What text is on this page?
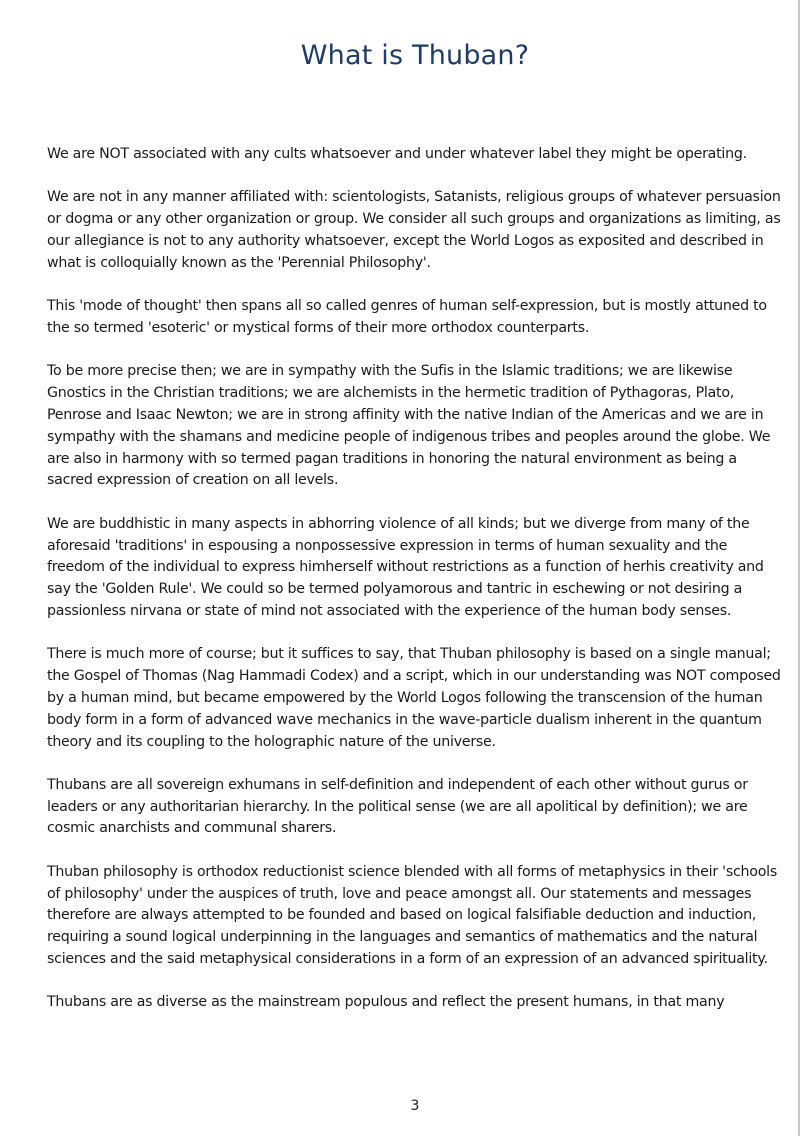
What is Thuban?

We are NOT associated with any cults whatsoever and under whatever label they might be operating.

We are not in any manner affiliated with: scientologists, Satanists, religious groups of whatever persuasion or dogma or any other organization or group. We consider all such groups and organizations as limiting, as our allegiance is not to any authority whatsoever, except the World Logos as exposited and described in what is colloquially known as the 'Perennial Philosophy'.

This 'mode of thought' then spans all so called genres of human self-expression, but is mostly attuned to the so termed 'esoteric' or mystical forms of their more orthodox counterparts.

To be more precise then; we are in sympathy with the Sufis in the Islamic traditions; we are likewise Gnostics in the Christian traditions; we are alchemists in the hermetic tradition of Pythagoras, Plato, Penrose and Isaac Newton; we are in strong affinity with the native Indian of the Americas and we are in sympathy with the shamans and medicine people of indigenous tribes and peoples around the globe. We are also in harmony with so termed pagan traditions in honoring the natural environment as being a sacred expression of creation on all levels.

We are buddhistic in many aspects in abhorring violence of all kinds; but we diverge from many of the aforesaid 'traditions' in espousing a nonpossessive expression in terms of human sexuality and the freedom of the individual to express himherself without restrictions as a function of herhis creativity and say the 'Golden Rule'. We could so be termed polyamorous and tantric in eschewing or not desiring a passionless nirvana or state of mind not associated with the experience of the human body senses.

There is much more of course; but it suffices to say, that Thuban philosophy is based on a single manual; the Gospel of Thomas (Nag Hammadi Codex) and a script, which in our understanding was NOT composed by a human mind, but became empowered by the World Logos following the transcension of the human body form in a form of advanced wave mechanics in the wave-particle dualism inherent in the quantum theory and its coupling to the holographic nature of the universe.

Thubans are all sovereign exhumans in self-definition and independent of each other without gurus or leaders or any authoritarian hierarchy. In the political sense (we are all apolitical by definition); we are cosmic anarchists and communal sharers.

Thuban philosophy is orthodox reductionist science blended with all forms of metaphysics in their 'schools of philosophy' under the auspices of truth, love and peace amongst all. Our statements and messages therefore are always attempted to be founded and based on logical falsifiable deduction and induction, requiring a sound logical underpinning in the languages and semantics of mathematics and the natural sciences and the said metaphysical considerations in a form of an expression of an advanced spirituality.

Thubans are as diverse as the mainstream populous and reflect the present humans, in that many

3
